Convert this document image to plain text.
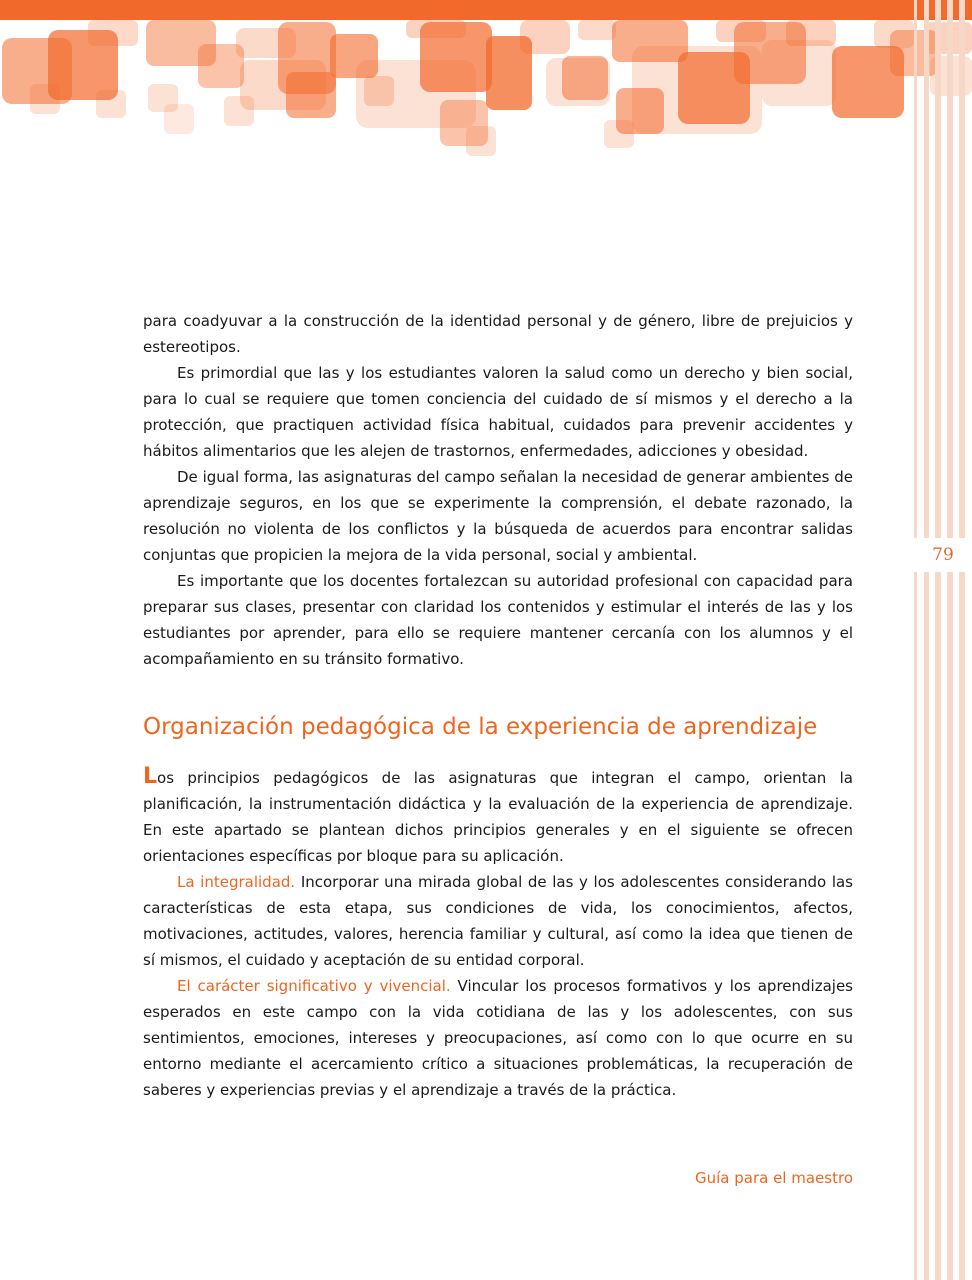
79

para coadyuvar a la construcción de la identidad personal y de género, libre de prejuicios y estereotipos.

Es primordial que las y los estudiantes valoren la salud como un derecho y bien social, para lo cual se requiere que tomen conciencia del cuidado de sí mismos y el derecho a la protección, que practiquen actividad física habitual, cuidados para prevenir accidentes y hábitos alimentarios que les alejen de trastornos, enfermedades, adicciones y obesidad.

De igual forma, las asignaturas del campo señalan la necesidad de generar ambientes de aprendizaje seguros, en los que se experimente la comprensión, el debate razonado, la resolución no violenta de los conflictos y la búsqueda de acuerdos para encontrar salidas conjuntas que propicien la mejora de la vida personal, social y ambiental.

Es importante que los docentes fortalezcan su autoridad profesional con capacidad para preparar sus clases, presentar con claridad los contenidos y estimular el interés de las y los estudiantes por aprender, para ello se requiere mantener cercanía con los alumnos y el acompañamiento en su tránsito formativo.

Organización pedagógica de la experiencia de aprendizaje

Los principios pedagógicos de las asignaturas que integran el campo, orientan la planificación, la instrumentación didáctica y la evaluación de la experiencia de aprendizaje. En este apartado se plantean dichos principios generales y en el siguiente se ofrecen orientaciones específicas por bloque para su aplicación.

La integralidad. Incorporar una mirada global de las y los adolescentes considerando las características de esta etapa, sus condiciones de vida, los conocimientos, afectos, motivaciones, actitudes, valores, herencia familiar y cultural, así como la idea que tienen de sí mismos, el cuidado y aceptación de su entidad corporal.

El carácter significativo y vivencial. Vincular los procesos formativos y los aprendizajes esperados en este campo con la vida cotidiana de las y los adolescentes, con sus sentimientos, emociones, intereses y preocupaciones, así como con lo que ocurre en su entorno mediante el acercamiento crítico a situaciones problemáticas, la recuperación de saberes y experiencias previas y el aprendizaje a través de la práctica.

Guía para el maestro
